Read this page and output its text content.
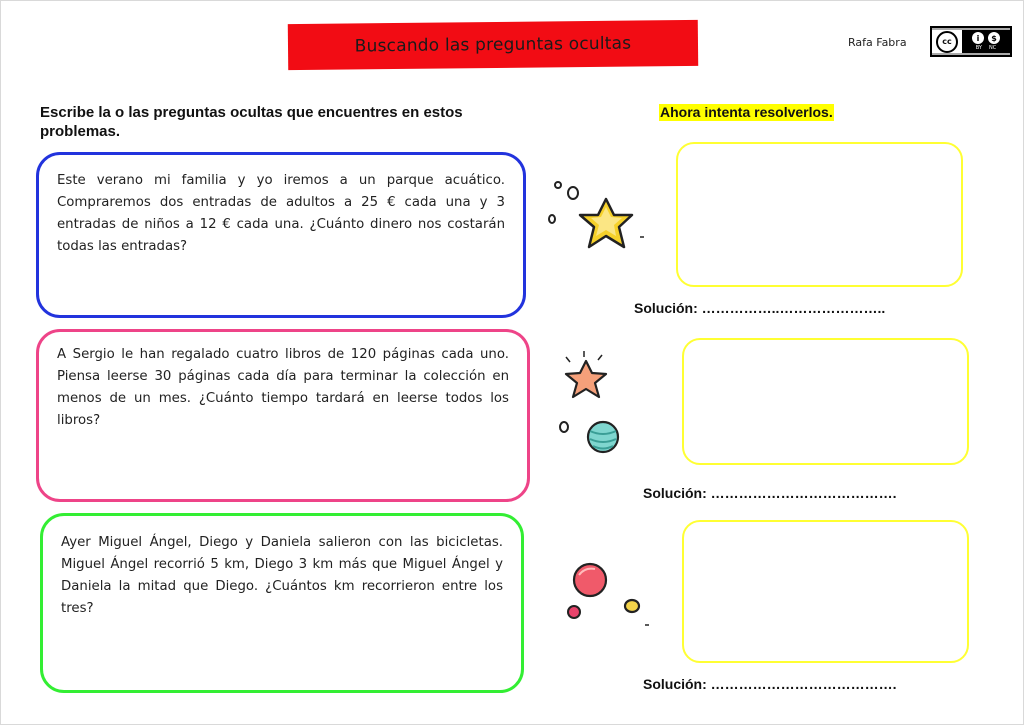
Buscando las preguntas ocultas	Rafa Fabra	cc	i	$
BY NC
Escribe la o las preguntas ocultas que encuentres en estos problemas.
Ahora intenta resolverlos.
Este verano mi familia y yo iremos a un parque acuático. Compraremos dos entradas de adultos a 25 € cada una y 3 entradas de niños a 12 € cada una. ¿Cuánto dinero nos costarán todas las entradas?
A Sergio le han regalado cuatro libros de 120 páginas cada uno. Piensa leerse 30 páginas cada día para terminar la colección en menos de un mes. ¿Cuánto tiempo tardará en leerse todos los libros?
Ayer Miguel Ángel, Diego y Daniela salieron con las bicicletas. Miguel Ángel recorrió 5 km, Diego 3 km más que Miguel Ángel y Daniela la mitad que Diego. ¿Cuántos km recorrieron entre los tres?
Solución: ……………..…………………..
Solución: ………………………………….
Solución: ………………………………….
